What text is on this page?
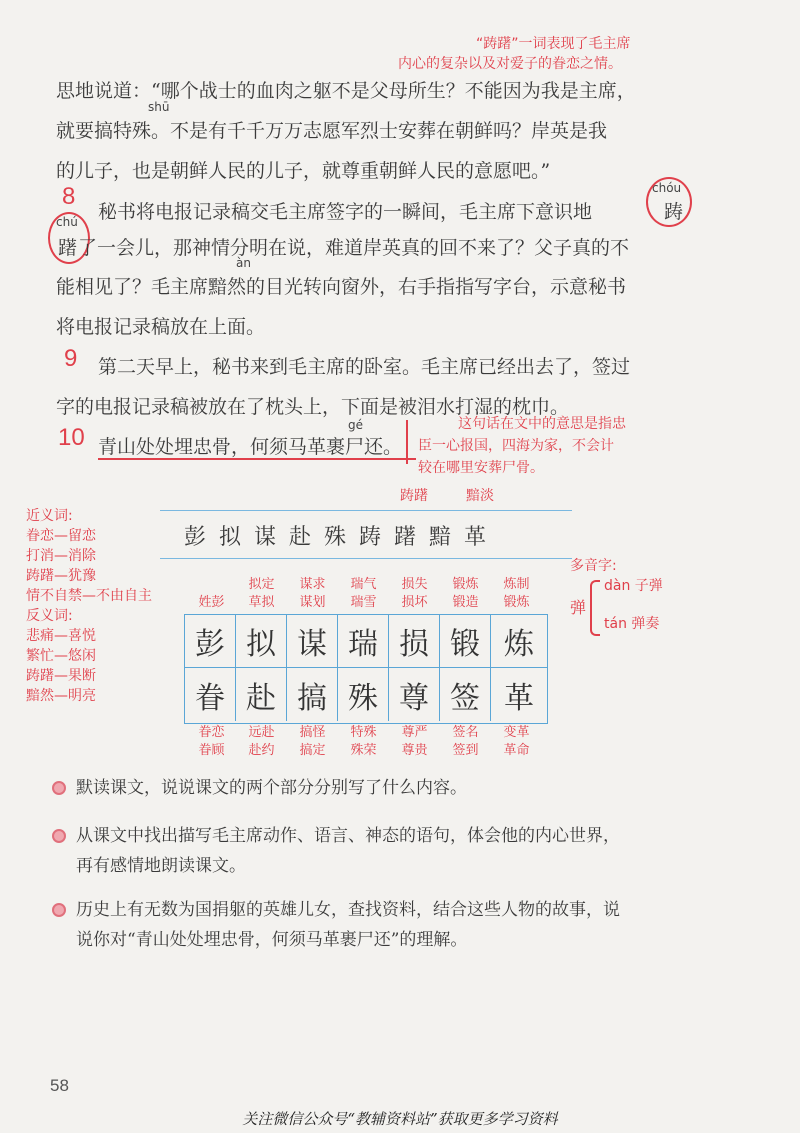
“踌躇”一词表现了毛主席
内心的复杂以及对爱子的眷恋之情。
思地说道：“哪个战士的血肉之躯不是父母所生？不能因为我是主席，
shū
就要搞特殊。不是有千千万万志愿军烈士安葬在朝鲜吗？岸英是我
的儿子，也是朝鲜人民的儿子，就尊重朝鲜人民的意愿吧。”
8
秘书将电报记录稿交毛主席签字的一瞬间，毛主席下意识地
chóu
踌
chú
躇 了一会儿，那神情分明在说，难道岸英真的回不来了？父子真的不
àn
能相见了？毛主席黯然的目光转向窗外，右手指指写字台，示意秘书
将电报记录稿放在上面。
9 第二天早上，秘书来到毛主席的卧室。毛主席已经出去了，签过
字的电报记录稿被放在了枕头上，下面是被泪水打湿的枕巾。
10	gé
青山处处埋忠骨，何须马革裹尸还。
这句话在文中的意思是指忠
臣一心报国，四海为家，不会计
较在哪里安葬尸骨。
踌躇	黯淡
彭 拟 谋 赴 殊 踌 躇 黯 革
近义词:
眷恋—留恋
打消—消除
踌躇—犹豫
情不自禁—不由自主
反义词:
悲痛—喜悦
繁忙—悠闲
踌躇—果断
黯然—明亮
多音字:
弹
dàn 子弹
tán 弹奏
姓彭
拟定
草拟
谋求
谋划
瑞气
瑞雪
损失
损坏
锻炼
锻造
炼制
锻炼
彭 拟 谋 瑞 损 锻 炼
眷 赴 搞 殊 尊 签 革
眷恋
眷顾
远赴
赴约
搞怪
搞定
特殊
殊荣
尊严
尊贵
签名
签到
变革
革命
默读课文，说说课文的两个部分分别写了什么内容。
从课文中找出描写毛主席动作、语言、神态的语句，体会他的内心世界，
再有感情地朗读课文。
历史上有无数为国捐躯的英雄儿女，查找资料，结合这些人物的故事，说
说你对“青山处处埋忠骨，何须马革裹尸还”的理解。
58
关注微信公众号“教辅资料站”获取更多学习资料
